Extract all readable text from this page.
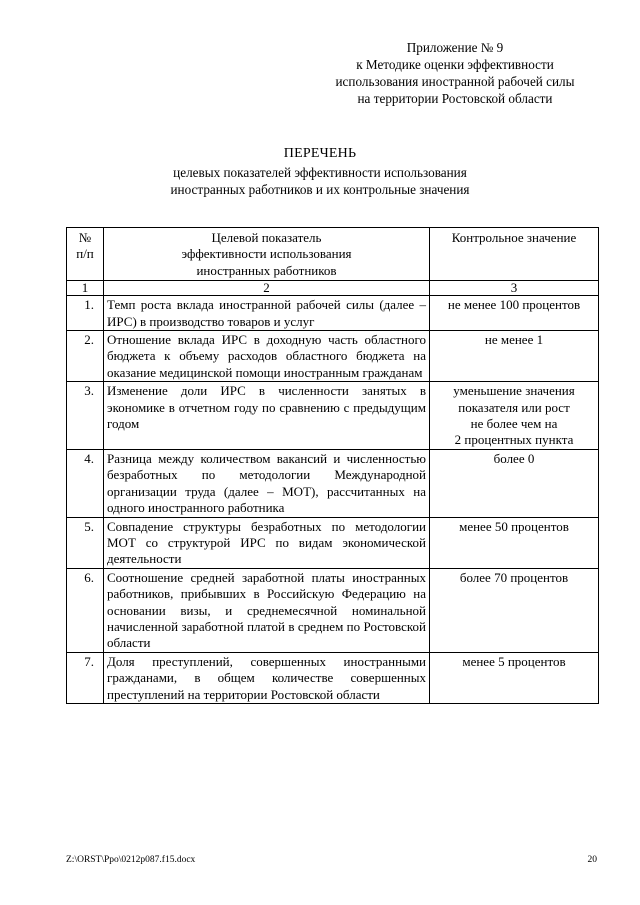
Приложение № 9
к Методике оценки эффективности
использования иностранной рабочей силы
на территории Ростовской области
ПЕРЕЧЕНЬ
целевых показателей эффективности использования
иностранных работников и их контрольные значения
№
п/п	Целевой показатель
эффективности использования
иностранных работников	Контрольное значение
1	2	3
1.	Темп роста вклада иностранной рабочей силы (далее – ИРС) в производство товаров и услуг	не менее 100 процентов
2.	Отношение вклада ИРС в доходную часть областного бюджета к объему расходов областного бюджета на оказание медицинской помощи иностранным гражданам	не менее 1
3.	Изменение доли ИРС в численности занятых в экономике в отчетном году по сравнению с предыдущим годом	уменьшение значения
показателя или рост
не более чем на
2 процентных пункта
4.	Разница между количеством вакансий и численностью безработных по методологии Международной организации труда (далее – МОТ), рассчитанных на одного иностранного работника	более 0
5.	Совпадение структуры безработных по методологии МОТ со структурой ИРС по видам экономической деятельности	менее 50 процентов
6.	Соотношение средней заработной платы иностранных работников, прибывших в Российскую Федерацию на основании визы, и среднемесячной номинальной начисленной заработной платой в среднем по Ростовской области	более 70 процентов
7.	Доля преступлений, совершенных иностранными гражданами, в общем количестве совершенных преступлений на территории Ростовской области	менее 5 процентов
Z:\ORST\Ppo\0212p087.f15.docx	20
